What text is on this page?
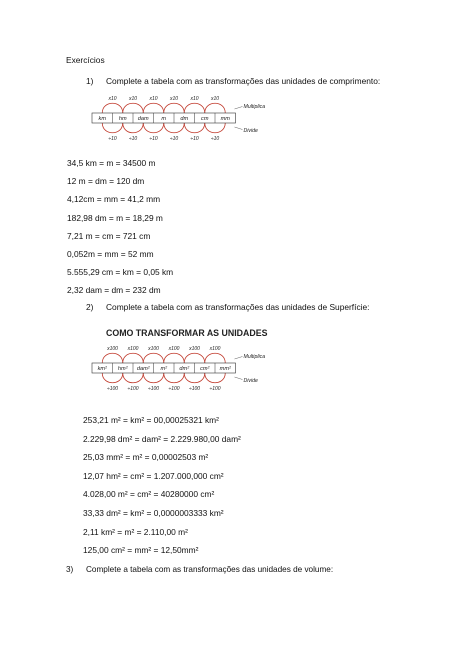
Exercícios
1) Complete a tabela com as transformações das unidades de comprimento:
x10
÷10
x10
÷10
x10
÷10
x10
÷10
x10
÷10
x10
÷10
km hm dam m	dm cm mm
Multiplica
Divide
34,5 km = m = 34500 m
12 m = dm = 120 dm
4,12cm = mm = 41,2 mm
182,98 dm = m = 18,29 m
7,21 m = cm = 721 cm
0,052m = mm = 52 mm
5.555,29 cm = km = 0,05 km
2,32 dam = dm = 232 dm
2) Complete a tabela com as transformações das unidades de Superfície:
COMO TRANSFORMAR AS UNIDADES
x100
÷100
x100
÷100
x100
÷100
x100
÷100
x100
÷100
x100
÷100
km² hm² dam² m² dm² cm² mm²
Multiplica
Divide
253,21 m² = km² = 00,00025321 km²
2.229,98 dm² = dam² = 2.229.980,00 dam²
25,03 mm² = m² = 0,00002503 m²
12,07 hm² = cm² = 1.207.000,000 cm²
4.028,00 m² = cm² = 40280000 cm²
33,33 dm² = km² = 0,0000003333 km²
2,11 km² = m² = 2.110,00 m²
125,00 cm² = mm² = 12,50mm²
3) Complete a tabela com as transformações das unidades de volume:
